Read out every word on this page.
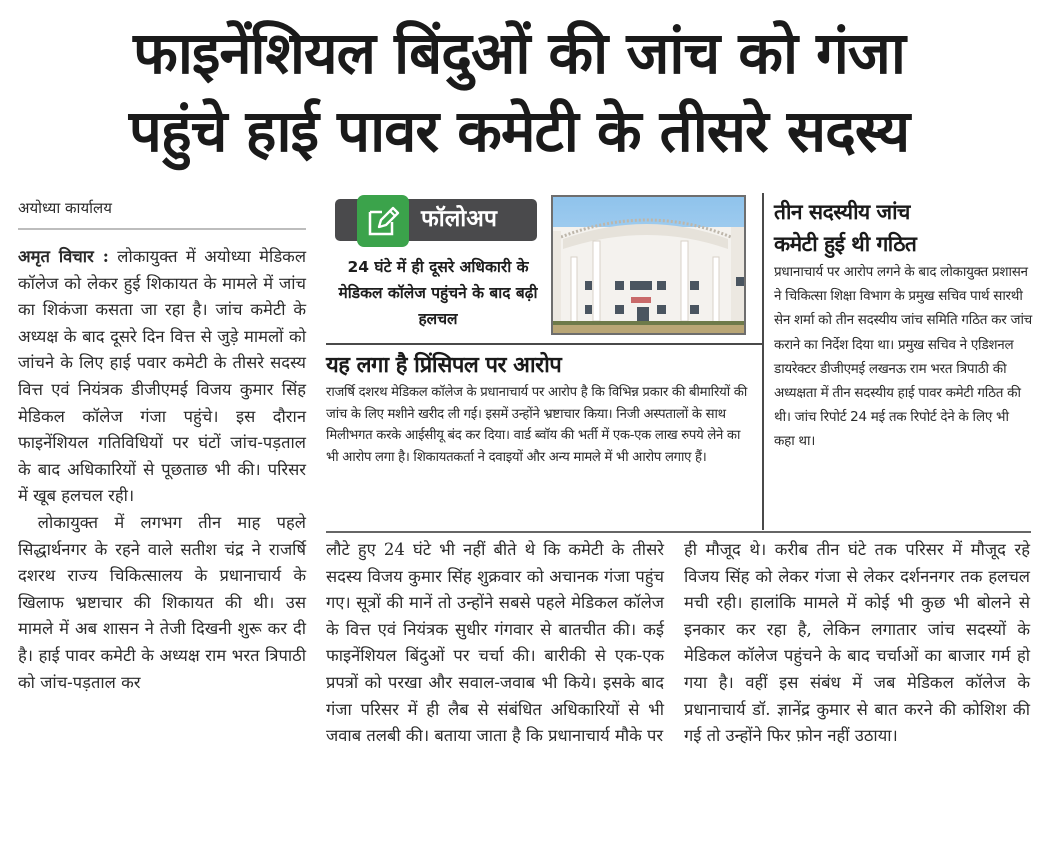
फाइनेंशियल बिंदुओं की जांच को गंजा
पहुंचे हाई पावर कमेटी के तीसरे सदस्य
अयोध्या कार्यालय

अमृत विचार : लोकायुक्त में अयोध्या मेडिकल कॉलेज को लेकर हुई शिकायत के मामले में जांच का शिकंजा कसता जा रहा है। जांच कमेटी के अध्यक्ष के बाद दूसरे दिन वित्त से जुड़े मामलों को जांचने के लिए हाई पवार कमेटी के तीसरे सदस्य वित्त एवं नियंत्रक डीजीएमई विजय कुमार सिंह मेडिकल कॉलेज गंजा पहुंचे। इस दौरान फाइनेंशियल गतिविधियों पर घंटों जांच-पड़ताल के बाद अधिकारियों से पूछताछ भी की। परिसर में खूब हलचल रही।

लोकायुक्त में लगभग तीन माह पहले सिद्धार्थनगर के रहने वाले सतीश चंद्र ने राजर्षि दशरथ राज्य चिकित्सालय के प्रधानाचार्य के खिलाफ भ्रष्टाचार की शिकायत की थी। उस मामले में अब शासन ने तेजी दिखनी शुरू कर दी है। हाई पावर कमेटी के अध्यक्ष राम भरत त्रिपाठी को जांच-पड़ताल कर

फॉलोअप
24 घंटे में ही दूसरे अधिकारी के मेडिकल कॉलेज पहुंचने के बाद बढ़ी हलचल
यह लगा है प्रिंसिपल पर आरोप
राजर्षि दशरथ मेडिकल कॉलेज के प्रधानाचार्य पर आरोप है कि विभिन्न प्रकार की बीमारियों की जांच के लिए मशीने खरीद ली गई। इसमें उन्होंने भ्रष्टाचार किया। निजी अस्पतालों के साथ मिलीभगत करके आईसीयू बंद कर दिया। वार्ड ब्वॉय की भर्ती में एक-एक लाख रुपये लेने का भी आरोप लगा है। शिकायतकर्ता ने दवाइयों और अन्य मामले में भी आरोप लगाए हैं।
तीन सदस्यीय जांच
कमेटी हुई थी गठित
प्रधानाचार्य पर आरोप लगने के बाद लोकायुक्त प्रशासन ने चिकित्सा शिक्षा विभाग के प्रमुख सचिव पार्थ सारथी सेन शर्मा को तीन सदस्यीय जांच समिति गठित कर जांच कराने का निर्देश दिया था। प्रमुख सचिव ने एडिशनल डायरेक्टर डीजीएमई लखनऊ राम भरत त्रिपाठी की अध्यक्षता में तीन सदस्यीय हाई पावर कमेटी गठित की थी। जांच रिपोर्ट 24 मई तक रिपोर्ट देने के लिए भी कहा था।
लौटे हुए 24 घंटे भी नहीं बीते थे कि कमेटी के तीसरे सदस्य विजय कुमार सिंह शुक्रवार को अचानक गंजा पहुंच गए। सूत्रों की मानें तो उन्होंने सबसे पहले मेडिकल कॉलेज के वित्त एवं नियंत्रक सुधीर गंगवार से बातचीत की। कई फाइनेंशियल बिंदुओं पर चर्चा की। बारीकी से एक-एक प्रपत्रों को परखा और सवाल-जवाब भी किये। इसके बाद गंजा परिसर में ही लैब से संबंधित अधिकारियों से भी जवाब तलबी की। बताया जाता है कि प्रधानाचार्य मौके पर
ही मौजूद थे। करीब तीन घंटे तक परिसर में मौजूद रहे विजय सिंह को लेकर गंजा से लेकर दर्शननगर तक हलचल मची रही। हालांकि मामले में कोई भी कुछ भी बोलने से इनकार कर रहा है, लेकिन लगातार जांच सदस्यों के मेडिकल कॉलेज पहुंचने के बाद चर्चाओं का बाजार गर्म हो गया है। वहीं इस संबंध में जब मेडिकल कॉलेज के प्रधानाचार्य डॉ. ज्ञानेंद्र कुमार से बात करने की कोशिश की गई तो उन्होंने फिर फ़ोन नहीं उठाया।
